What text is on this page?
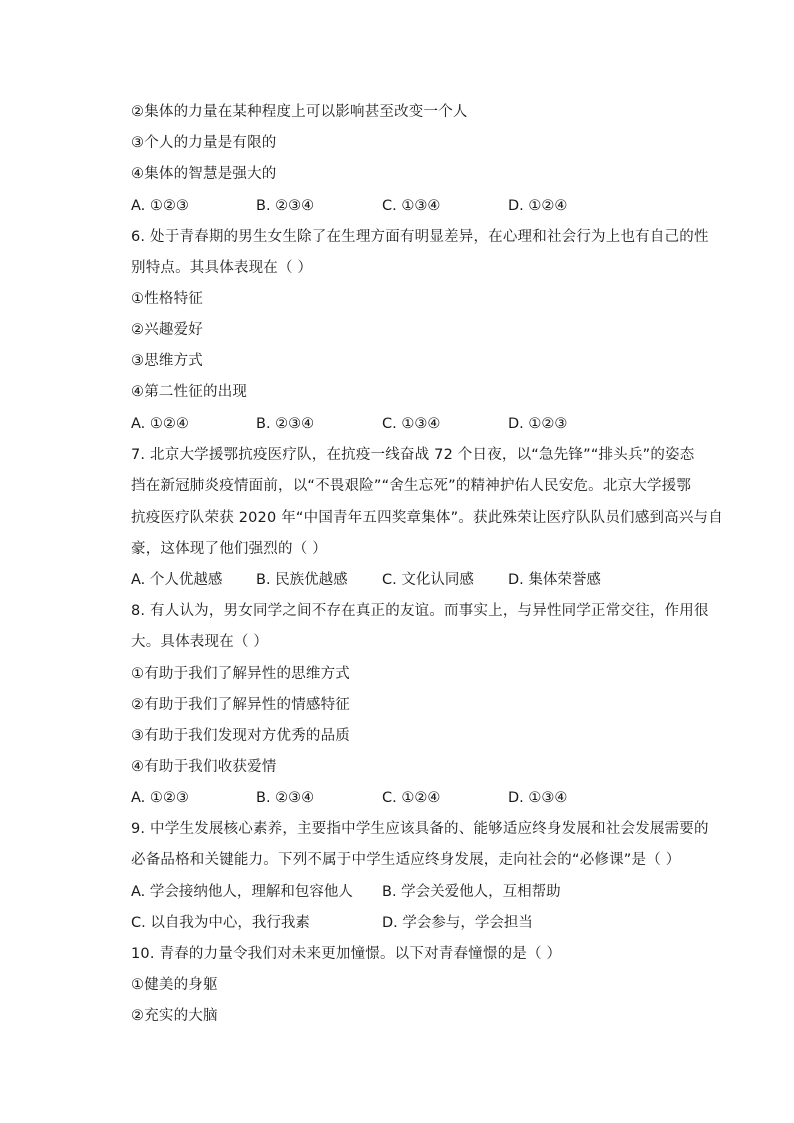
②集体的力量在某种程度上可以影响甚至改变一个人
③个人的力量是有限的
④集体的智慧是强大的
A. ①②③	B. ②③④	C. ①③④	D. ①②④
6. 处于青春期的男生女生除了在生理方面有明显差异，在心理和社会行为上也有自己的性
别特点。其具体表现在（ ）
①性格特征
②兴趣爱好
③思维方式
④第二性征的出现
A. ①②④	B. ②③④	C. ①③④	D. ①②③
7. 北京大学援鄂抗疫医疗队，在抗疫一线奋战 72 个日夜，以“急先锋”“排头兵”的姿态
挡在新冠肺炎疫情面前，以“不畏艰险”“舍生忘死”的精神护佑人民安危。北京大学援鄂
抗疫医疗队荣获 2020 年“中国青年五四奖章集体”。获此殊荣让医疗队队员们感到高兴与自
豪，这体现了他们强烈的（ ）
A. 个人优越感 B. 民族优越感 C. 文化认同感 D. 集体荣誉感
8. 有人认为，男女同学之间不存在真正的友谊。而事实上，与异性同学正常交往，作用很
大。具体表现在（ ）
①有助于我们了解异性的思维方式
②有助于我们了解异性的情感特征
③有助于我们发现对方优秀的品质
④有助于我们收获爱情
A. ①②③	B. ②③④	C. ①②④	D. ①③④
9. 中学生发展核心素养，主要指中学生应该具备的、能够适应终身发展和社会发展需要的
必备品格和关键能力。下列不属于中学生适应终身发展，走向社会的“必修课”是（ ）
A. 学会接纳他人，理解和包容他人 B. 学会关爱他人，互相帮助
C. 以自我为中心，我行我素	D. 学会参与，学会担当
10. 青春的力量令我们对未来更加憧憬。以下对青春憧憬的是（ ）
①健美的身躯
②充实的大脑
